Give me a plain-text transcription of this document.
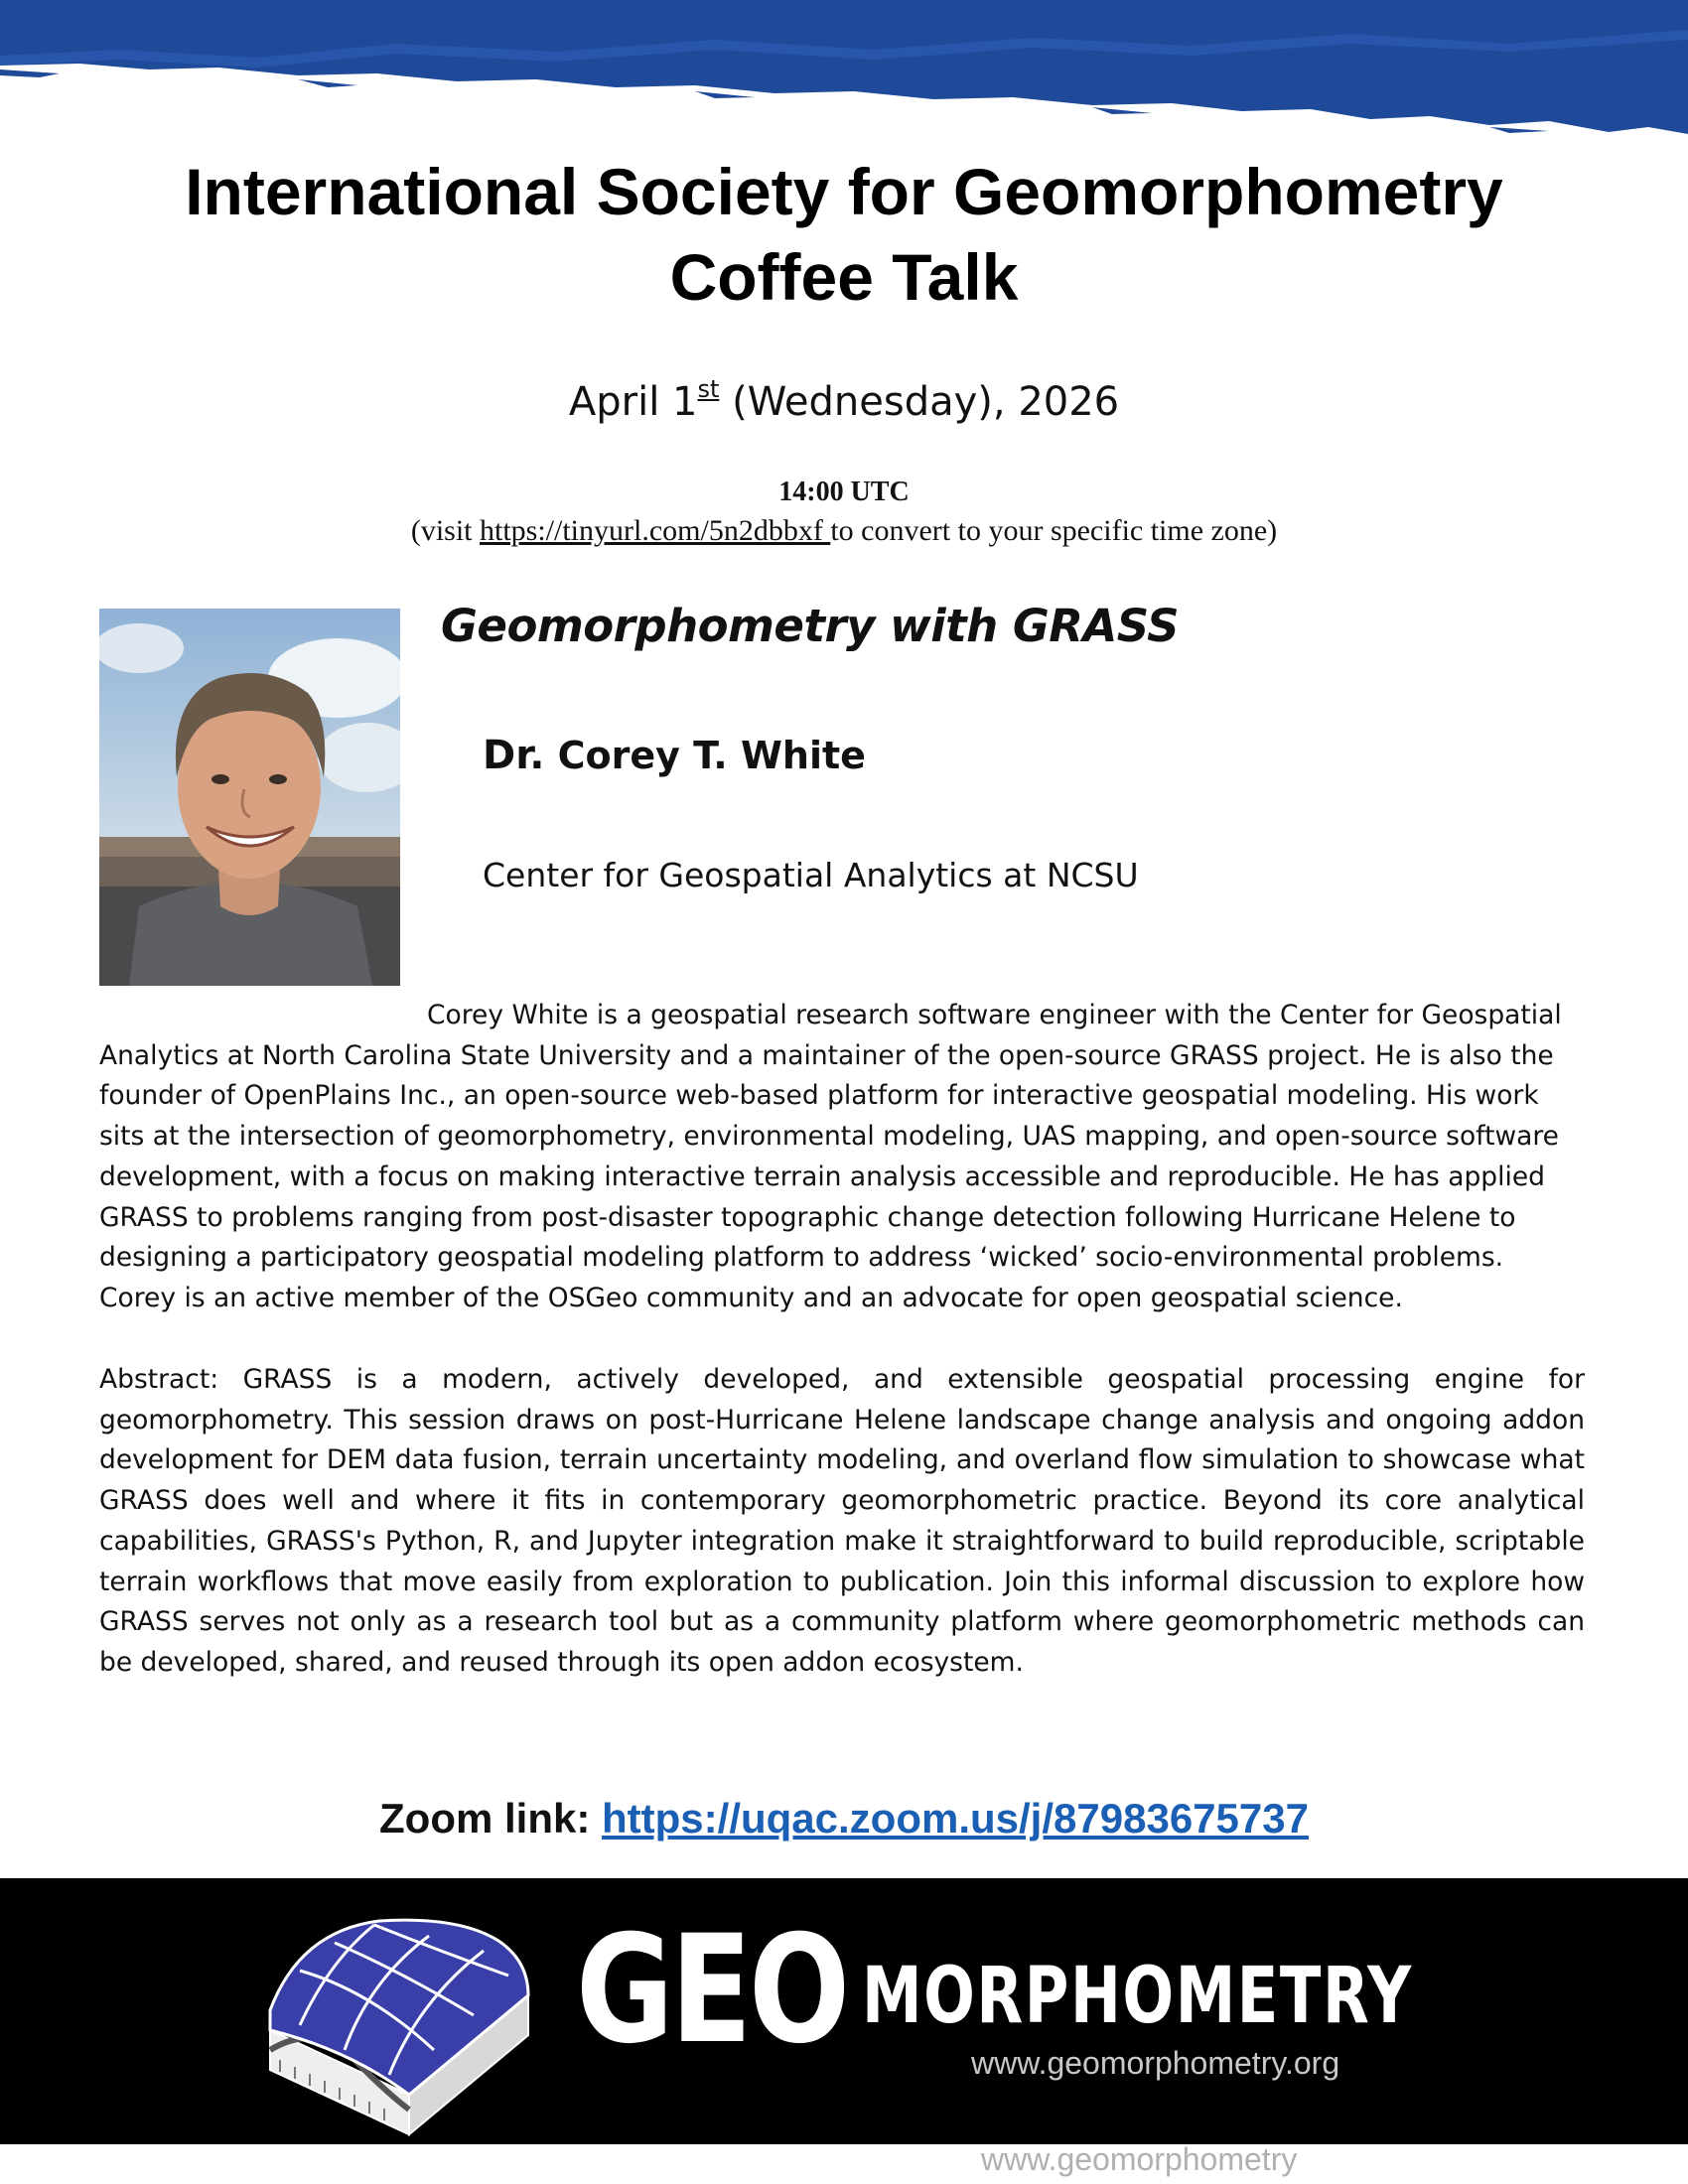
International Society for Geomorphometry
Coffee Talk
April 1st (Wednesday), 2026
14:00 UTC
(visit https://tinyurl.com/5n2dbbxf to convert to your specific time zone)
Geomorphometry with GRASS
Dr. Corey T. White
Center for Geospatial Analytics at NCSU

Corey White is a geospatial research software engineer with the Center for Geospatial Analytics at North Carolina State University and a maintainer of the open-source GRASS project. He is also the founder of OpenPlains Inc., an open-source web-based platform for interactive geospatial modeling. His work sits at the intersection of geomorphometry, environmental modeling, UAS mapping, and open-source software development, with a focus on making interactive terrain analysis accessible and reproducible. He has applied GRASS to problems ranging from post-disaster topographic change detection following Hurricane Helene to designing a participatory geospatial modeling platform to address ‘wicked’ socio-environmental problems. Corey is an active member of the OSGeo community and an advocate for open geospatial science.

Abstract: GRASS is a modern, actively developed, and extensible geospatial processing engine for geomorphometry. This session draws on post-Hurricane Helene landscape change analysis and ongoing addon development for DEM data fusion, terrain uncertainty modeling, and overland flow simulation to showcase what GRASS does well and where it fits in contemporary geomorphometric practice. Beyond its core analytical capabilities, GRASS's Python, R, and Jupyter integration make it straightforward to build reproducible, scriptable terrain workflows that move easily from exploration to publication. Join this informal discussion to explore how GRASS serves not only as a research tool but as a community platform where geomorphometric methods can be developed, shared, and reused through its open addon ecosystem.

Zoom link: https://uqac.zoom.us/j/87983675737
GEO MORPHOMETRY
www.geomorphometry.org
www.geomorphometry
